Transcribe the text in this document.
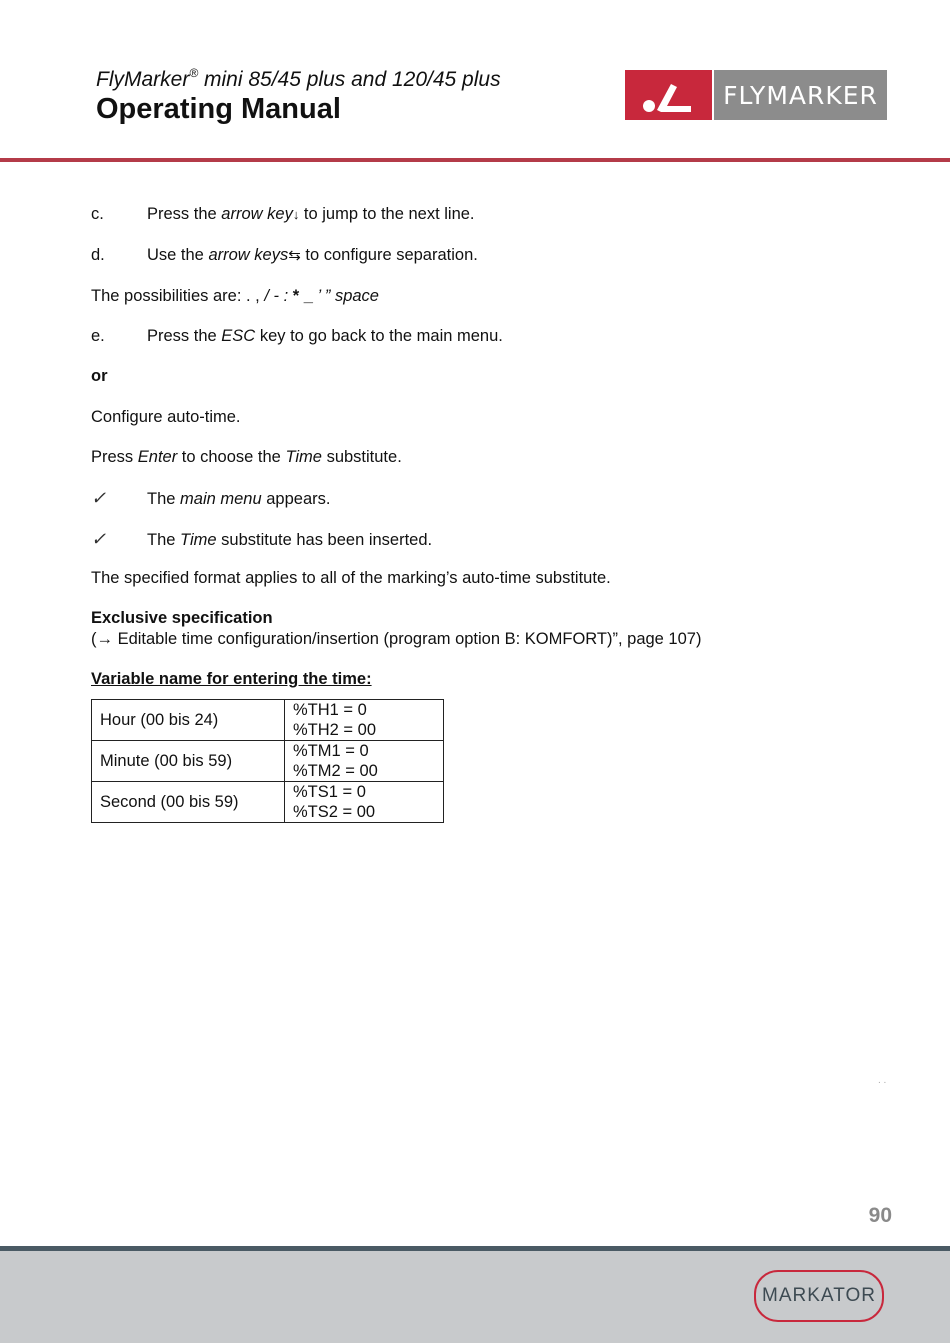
FlyMarker® mini 85/45 plus and 120/45 plus
Operating Manual	FLYMARKER
c.	Press the arrow key↓ to jump to the next line.
d.	Use the arrow keys⇆ to configure separation.
The possibilities are: . , / - : * _ ’ ” space
e.	Press the ESC key to go back to the main menu.
or
Configure auto-time.
Press Enter to choose the Time substitute.
✓ The main menu appears.
✓ The Time substitute has been inserted.
The specified format applies to all of the marking’s auto-time substitute.
Exclusive specification
(→ Editable time configuration/insertion (program option B: KOMFORT)”, page 107)
Variable name for entering the time:
Hour (00 bis 24)	%TH1 = 0
%TH2 = 00

Minute (00 bis 59)	%TM1 = 0
%TM2 = 00

Second (00 bis 59)	%TS1 = 0
%TS2 = 00
. .
90
MARKATOR
